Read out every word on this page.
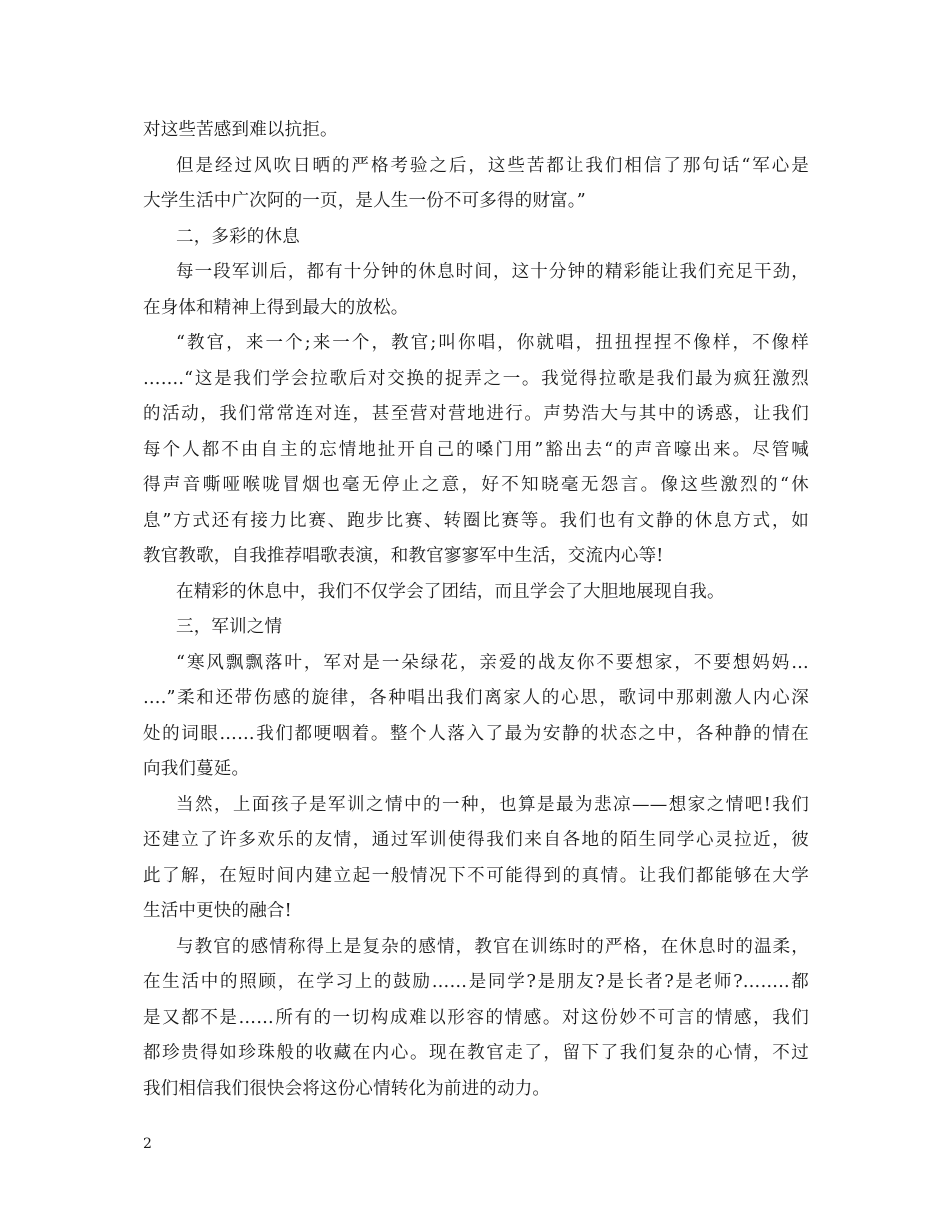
对这些苦感到难以抗拒。
但是经过风吹日晒的严格考验之后，这些苦都让我们相信了那句话“军心是
大学生活中广次阿的一页，是人生一份不可多得的财富。”
二，多彩的休息
每一段军训后，都有十分钟的休息时间，这十分钟的精彩能让我们充足干劲，
在身体和精神上得到最大的放松。
“教官，来一个;来一个，教官;叫你唱，你就唱，扭扭捏捏不像样，不像样
…….“这是我们学会拉歌后对交换的捉弄之一。我觉得拉歌是我们最为疯狂激烈
的活动，我们常常连对连，甚至营对营地进行。声势浩大与其中的诱惑，让我们
每个人都不由自主的忘情地扯开自己的嗓门用”豁出去“的声音嚎出来。尽管喊
得声音嘶哑喉咙冒烟也毫无停止之意，好不知晓毫无怨言。像这些激烈的“休
息”方式还有接力比赛、跑步比赛、转圈比赛等。我们也有文静的休息方式，如
教官教歌，自我推荐唱歌表演，和教官寥寥军中生活，交流内心等!
在精彩的休息中，我们不仅学会了团结，而且学会了大胆地展现自我。
三，军训之情
“寒风飘飘落叶，军对是一朵绿花，亲爱的战友你不要想家，不要想妈妈…
….”柔和还带伤感的旋律，各种唱出我们离家人的心思，歌词中那刺激人内心深
处的词眼……我们都哽咽着。整个人落入了最为安静的状态之中，各种静的情在
向我们蔓延。
当然，上面孩子是军训之情中的一种，也算是最为悲凉——想家之情吧!我们
还建立了许多欢乐的友情，通过军训使得我们来自各地的陌生同学心灵拉近，彼
此了解，在短时间内建立起一般情况下不可能得到的真情。让我们都能够在大学
生活中更快的融合!
与教官的感情称得上是复杂的感情，教官在训练时的严格，在休息时的温柔，
在生活中的照顾，在学习上的鼓励……是同学?是朋友?是长者?是老师?……..都
是又都不是……所有的一切构成难以形容的情感。对这份妙不可言的情感，我们
都珍贵得如珍珠般的收藏在内心。现在教官走了，留下了我们复杂的心情，不过
我们相信我们很快会将这份心情转化为前进的动力。
2
